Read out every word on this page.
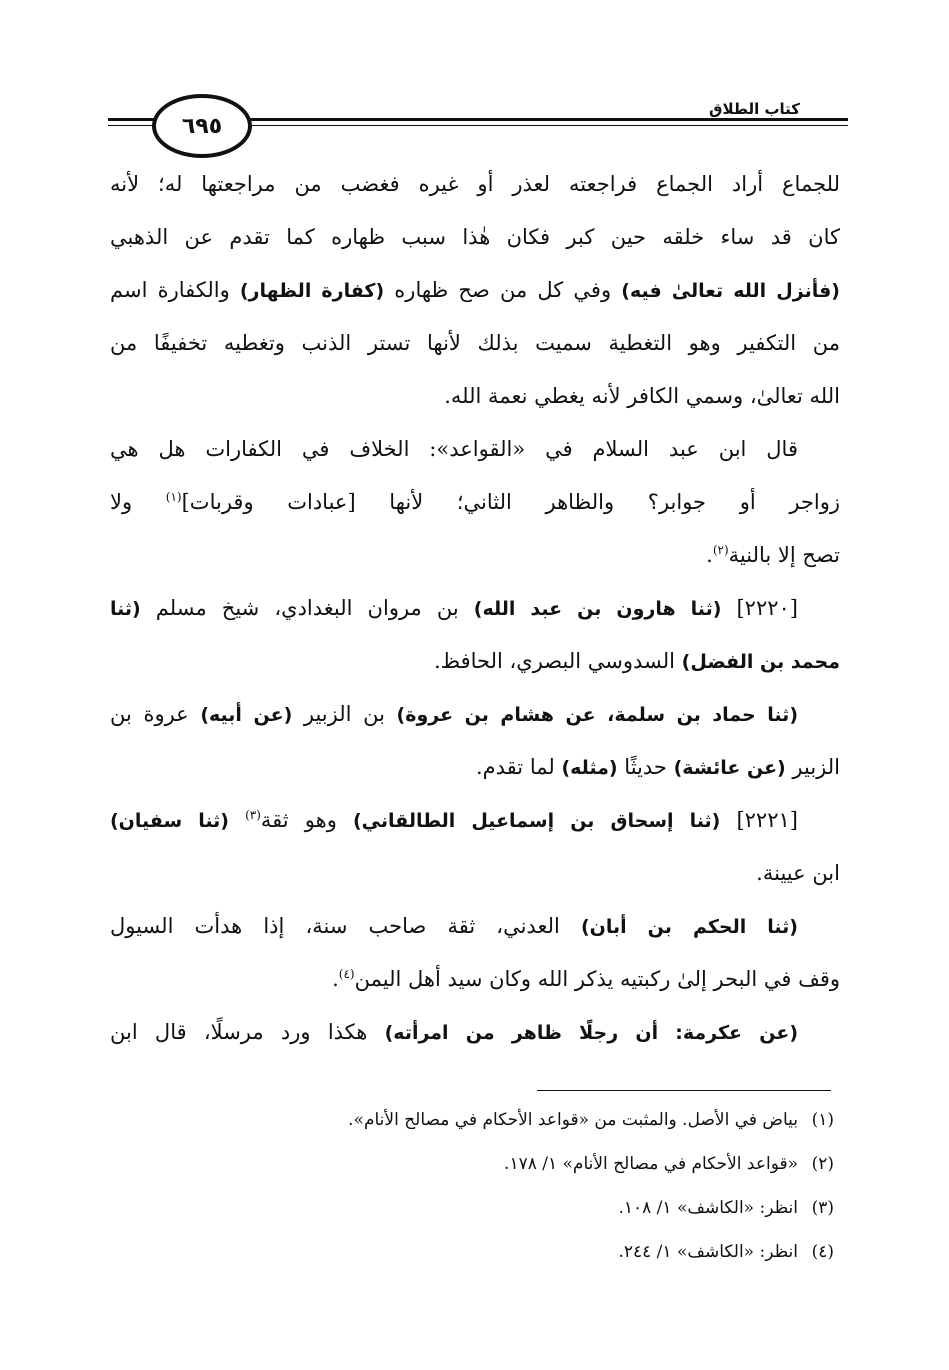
٦٩٥
كتاب الطلاق
للجماع أراد الجماع فراجعته لعذر أو غيره فغضب من مراجعتها له؛ لأنه
كان قد ساء خلقه حين كبر فكان هٰذا سبب ظهاره كما تقدم عن الذهبي
(فأنزل الله تعالىٰ فيه) وفي كل من صح ظهاره (كفارة الظهار) والكفارة اسم
من التكفير وهو التغطية سميت بذلك لأنها تستر الذنب وتغطيه تخفيفًا من
الله تعالىٰ، وسمي الكافر لأنه يغطي نعمة الله.
قال ابن عبد السلام في «القواعد»: الخلاف في الكفارات هل هي
زواجر أو جوابر؟ والظاهر الثاني؛ لأنها [عبادات وقربات]$^{(١)}$ ولا
تصح إلا بالنية$^{(٢)}$.
[٢٢٢٠] (ثنا هارون بن عبد الله) بن مروان البغدادي، شيخ مسلم (ثنا
محمد بن الفضل) السدوسي البصري، الحافظ.
(ثنا حماد بن سلمة، عن هشام بن عروة) بن الزبير (عن أبيه) عروة بن
الزبير (عن عائشة) حديثًا (مثله) لما تقدم.
[٢٢٢١] (ثنا إسحاق بن إسماعيل الطالقاني) وهو ثقة$^{(٣)}$ (ثنا سفيان)
ابن عيينة.
(ثنا الحكم بن أبان) العدني، ثقة صاحب سنة، إذا هدأت السيول
وقف في البحر إلىٰ ركبتيه يذكر الله وكان سيد أهل اليمن$^{(٤)}$.
(عن عكرمة: أن رجلًا ظاهر من امرأته) هكذا ورد مرسلًا، قال ابن
(١)بياض في الأصل. والمثبت من «قواعد الأحكام في مصالح الأنام».
(٢)«قواعد الأحكام في مصالح الأنام» ١/ ١٧٨.
(٣)انظر: «الكاشف» ١/ ١٠٨.
(٤)انظر: «الكاشف» ١/ ٢٤٤.
